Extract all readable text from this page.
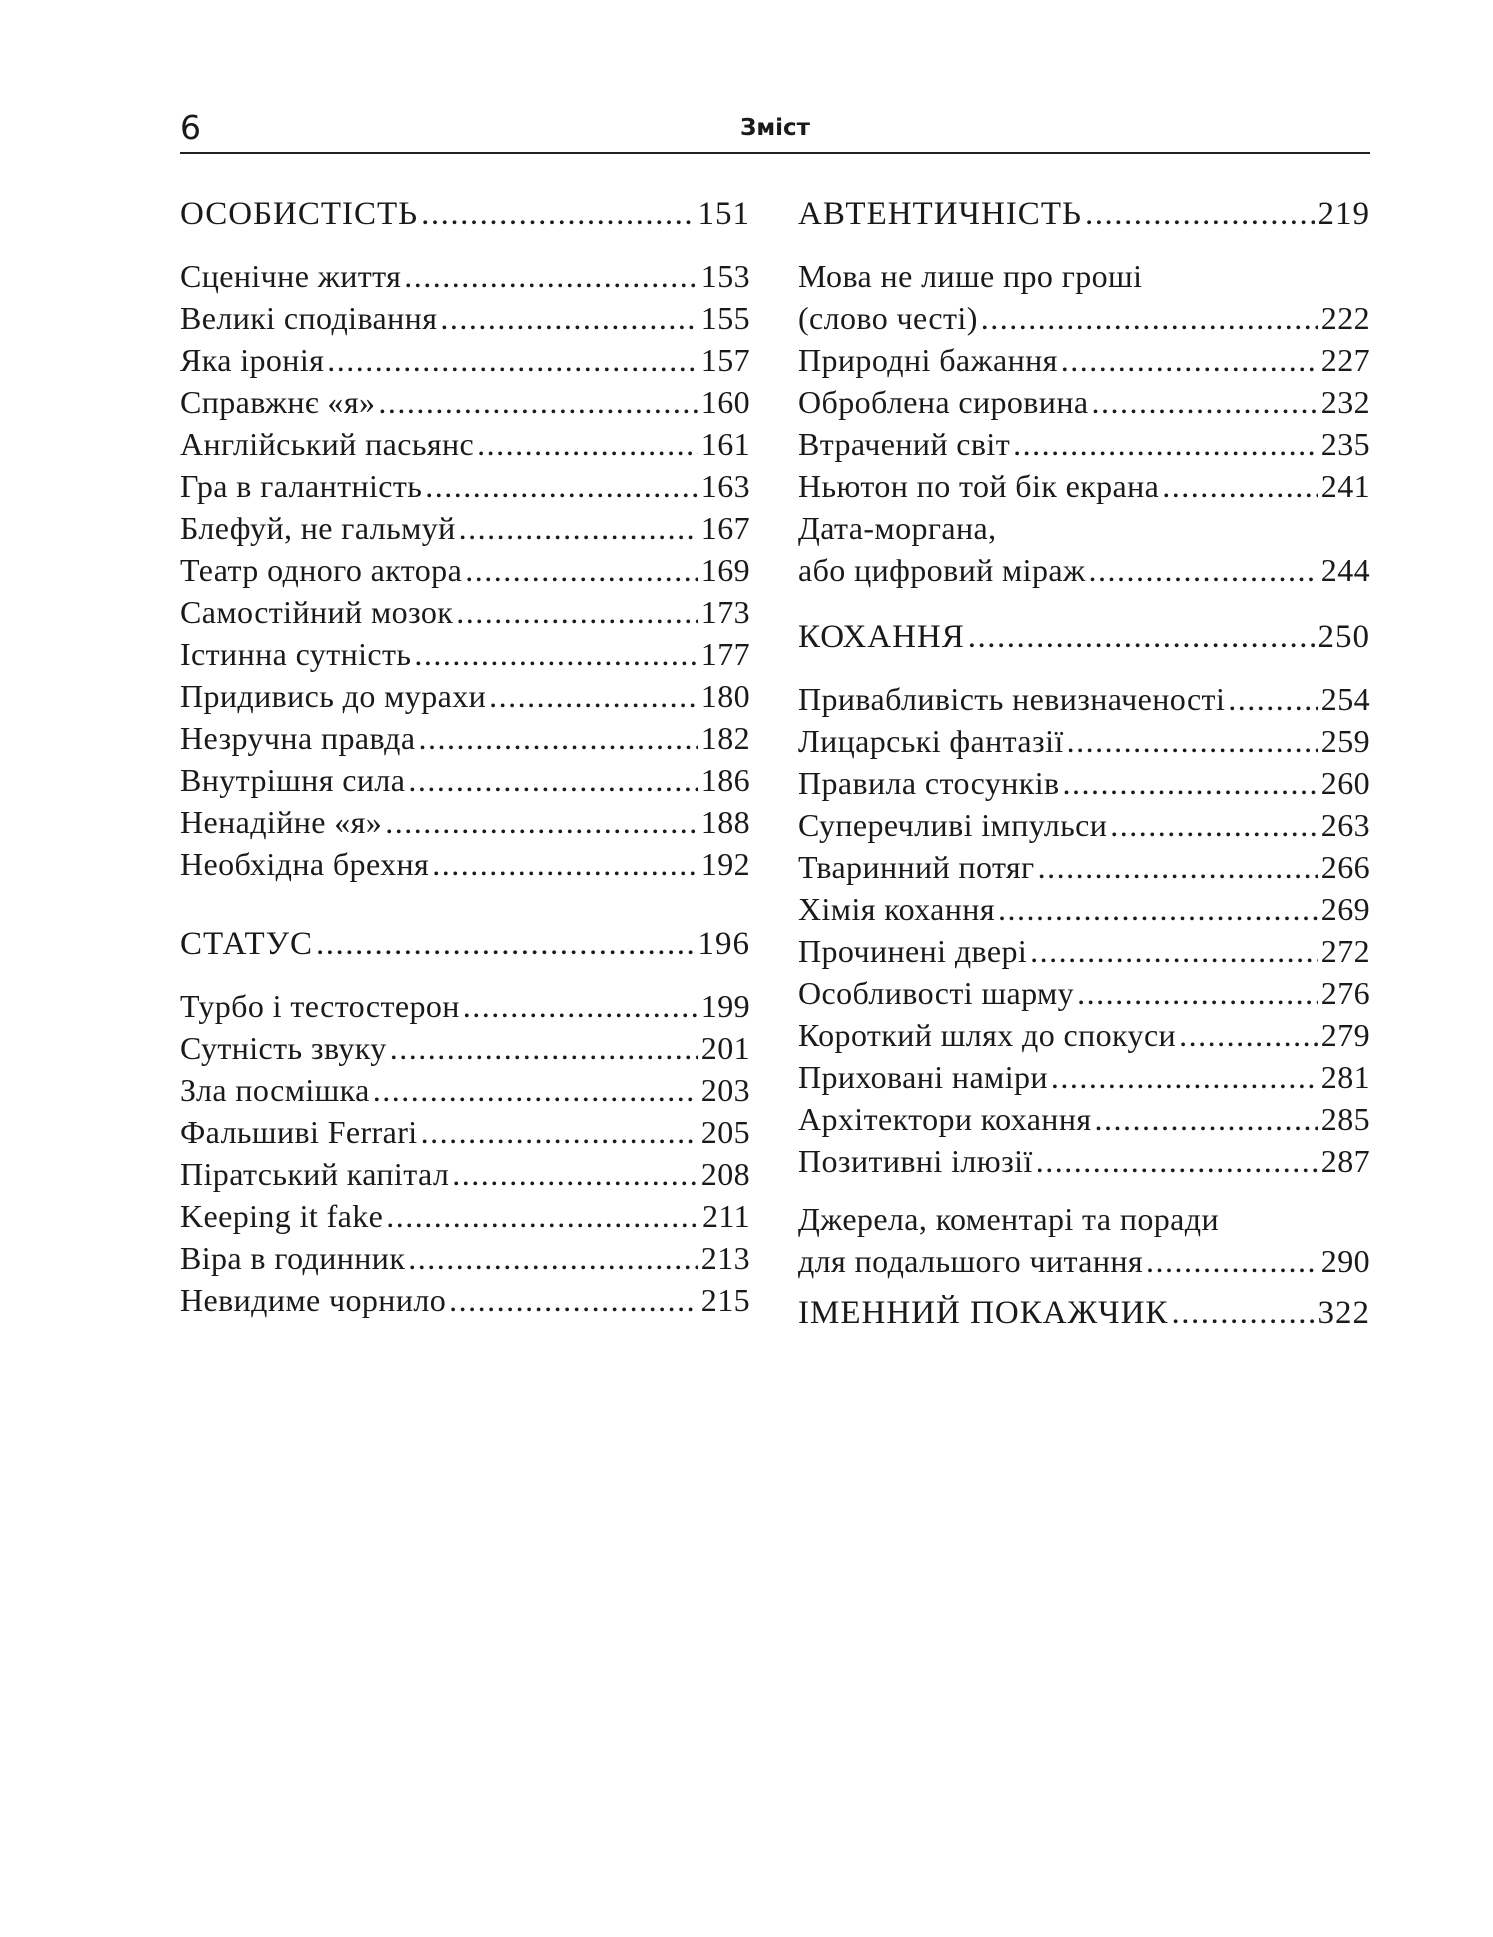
6	Зміст
ОСОБИСТІСТЬ .....	151
Сценічне життя .....	153
Великі сподівання .....	155
Яка іронія .....	157
Справжнє «я» .....	160
Англійський пасьянс .....	161
Гра в галантність .....	163
Блефуй, не гальмуй .....	167
Театр одного актора .....	169
Самостійний мозок .....	173
Істинна сутність .....	177
Придивись до мурахи .....	180
Незручна правда .....	182
Внутрішня сила .....	186
Ненадійне «я» .....	188
Необхідна брехня .....	192
СТАТУС .....	196
Турбо і тестостерон .....	199
Сутність звуку .....	201
Зла посмішка .....	203
Фальшиві Ferrari .....	205
Піратський капітал .....	208
Keeping it fake .....	211
Віра в годинник .....	213
Невидиме чорнило .....	215
АВТЕНТИЧНІСТЬ .....	219
Мова не лише про гроші
(слово честі) .....	222
Природні бажання .....	227
Оброблена сировина .....	232
Втрачений світ .....	235
Ньютон по той бік екрана .....	241
Дата-моргана,
або цифровий міраж .....	244
КОХАННЯ .....	250
Привабливість невизначеності .....	254
Лицарські фантазії .....	259
Правила стосунків .....	260
Суперечливі імпульси .....	263
Тваринний потяг .....	266
Хімія кохання .....	269
Прочинені двері .....	272
Особливості шарму .....	276
Короткий шлях до спокуси .....	279
Приховані наміри .....	281
Архітектори кохання .....	285
Позитивні ілюзії .....	287
Джерела, коментарі та поради
для подальшого читання .....	290
ІМЕННИЙ ПОКАЖЧИК .....	322
